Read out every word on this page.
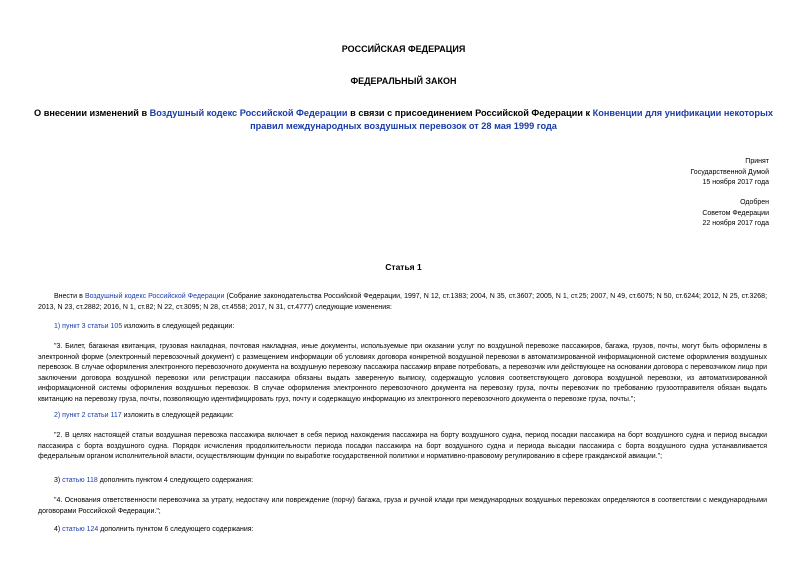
РОССИЙСКАЯ ФЕДЕРАЦИЯ
ФЕДЕРАЛЬНЫЙ ЗАКОН
О внесении изменений в Воздушный кодекс Российской Федерации в связи с присоединением Российской Федерации к Конвенции для унификации некоторых правил международных воздушных перевозок от 28 мая 1999 года
Принят
Государственной Думой
15 ноября 2017 года
Одобрен
Советом Федерации
22 ноября 2017 года
Статья 1
Внести в Воздушный кодекс Российской Федерации (Собрание законодательства Российской Федерации, 1997, N 12, ст.1383; 2004, N 35, ст.3607; 2005, N 1, ст.25; 2007, N 49, ст.6075; N 50, ст.6244; 2012, N 25, ст.3268; 2013, N 23, ст.2882; 2016, N 1, ст.82; N 22, ст.3095; N 28, ст.4558; 2017, N 31, ст.4777) следующие изменения:
1) пункт 3 статьи 105 изложить в следующей редакции:
"3. Билет, багажная квитанция, грузовая накладная, почтовая накладная, иные документы, используемые при оказании услуг по воздушной перевозке пассажиров, багажа, грузов, почты, могут быть оформлены в электронной форме (электронный перевозочный документ) с размещением информации об условиях договора конкретной воздушной перевозки в автоматизированной информационной системе оформления воздушных перевозок. В случае оформления электронного перевозочного документа на воздушную перевозку пассажира пассажир вправе потребовать, а перевозчик или действующее на основании договора с перевозчиком лицо при заключении договора воздушной перевозки или регистрации пассажира обязаны выдать заверенную выписку, содержащую условия соответствующего договора воздушной перевозки, из автоматизированной информационной системы оформления воздушных перевозок. В случае оформления электронного перевозочного документа на перевозку груза, почты перевозчик по требованию грузоотправителя обязан выдать квитанцию на перевозку груза, почты, позволяющую идентифицировать груз, почту и содержащую информацию из электронного перевозочного документа о перевозке груза, почты.";
2) пункт 2 статьи 117 изложить в следующей редакции:
"2. В целях настоящей статьи воздушная перевозка пассажира включает в себя период нахождения пассажира на борту воздушного судна, период посадки пассажира на борт воздушного судна и период высадки пассажира с борта воздушного судна. Порядок исчисления продолжительности периода посадки пассажира на борт воздушного судна и периода высадки пассажира с борта воздушного судна устанавливается федеральным органом исполнительной власти, осуществляющим функции по выработке государственной политики и нормативно-правовому регулированию в сфере гражданской авиации.";
3) статью 118 дополнить пунктом 4 следующего содержания:
"4. Основания ответственности перевозчика за утрату, недостачу или повреждение (порчу) багажа, груза и ручной клади при международных воздушных перевозках определяются в соответствии с международными договорами Российской Федерации.";
4) статью 124 дополнить пунктом 6 следующего содержания:
